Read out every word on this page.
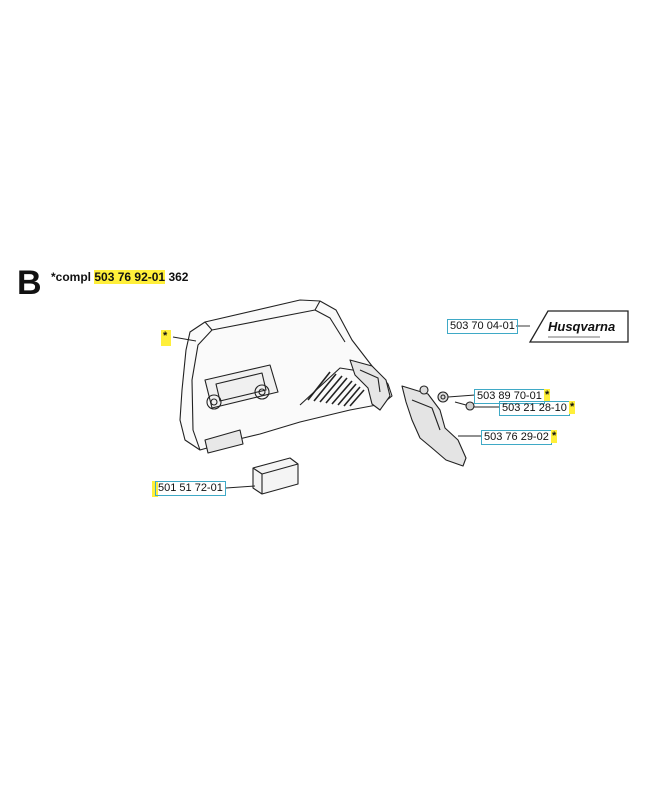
B *compl 503 76 92-01 362
Husqvarna
*
503 70 04-01
503 89 70-01 *
503 21 28-10 *
503 76 29-02 *
501 51 72-01
